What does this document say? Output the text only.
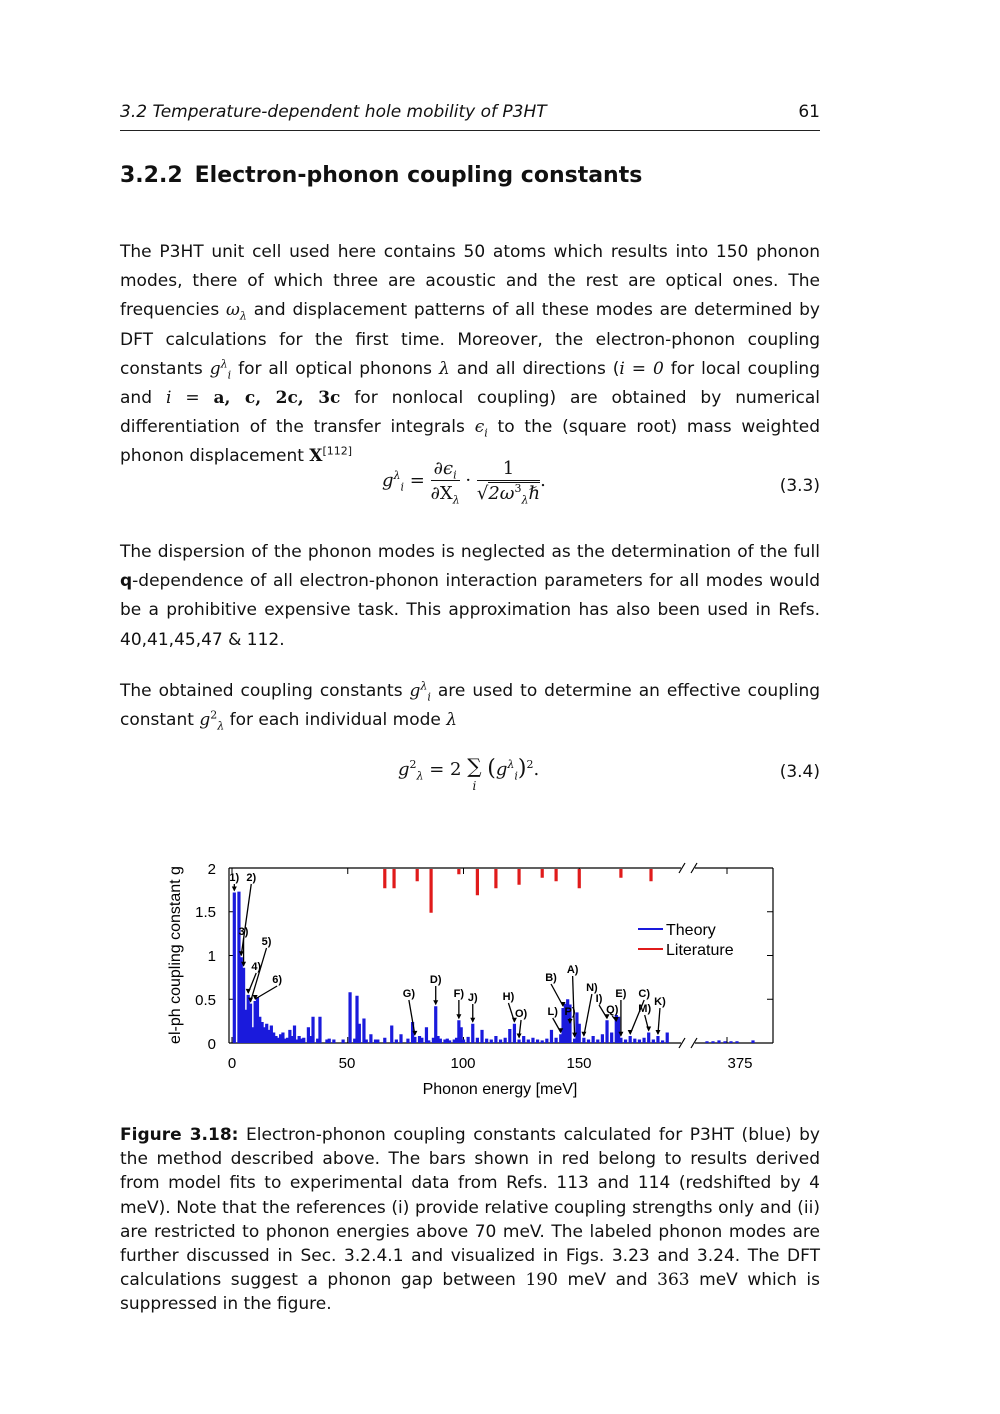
3.2 Temperature-dependent hole mobility of P3HT	61
3.2.2 Electron-phonon coupling constants

The P3HT unit cell used here contains 50 atoms which results into 150 phonon modes, there of which three are acoustic and the rest are optical ones. The frequencies $\omega_\lambda$ and displacement patterns of all these modes are determined by DFT calculations for the first time. Moreover, the electron-phonon coupling constants $g^\lambda_i$ for all optical phonons λ and all directions (i = 0 for local coupling and i = a, c, 2c, 3c for nonlocal coupling) are obtained by numerical differentiation of the transfer integrals $\epsilon_i$ to the (square root) mass weighted phonon displacement X[112]

$g^\lambda_i = \frac{\partial\epsilon_i}{\partial X_\lambda} \cdot \frac{1}{√2\omega^3_\lambda\hbar}$ .	(3.3)

The dispersion of the phonon modes is neglected as the determination of the full q-dependence of all electron-phonon interaction parameters for all modes would be a prohibitive expensive task. This approximation has also been used in Refs. 40,41,45,47 & 112.

The obtained coupling constants $g^\lambda_i$ are used to determine an effective coupling constant $g^2_\lambda$ for each individual mode λ

$g^2_\lambda = 2$ ∑
i
$(g^\lambda_i)^2$.	(3.4)
1) 2)
3)
4)
5)
6)	D)
G)	F) J) H)
O)
B)
A)
L) P)
N)
I)
Q)
E) C)
M)
K)
0
0.5
1
1.5
2
0	50	100	150	375
Phonon energy [meV]
el-ph coupling constant g	Theory
Literature

Figure 3.18: Electron-phonon coupling constants calculated for P3HT (blue) by the method described above. The bars shown in red belong to results derived from model fits to experimental data from Refs. 113 and 114 (redshifted by 4 meV). Note that the references (i) provide relative coupling strengths only and (ii) are restricted to phonon energies above 70 meV. The labeled phonon modes are further discussed in Sec. 3.2.4.1 and visualized in Figs. 3.23 and 3.24. The DFT calculations suggest a phonon gap between 190 meV and 363 meV which is suppressed in the figure.
